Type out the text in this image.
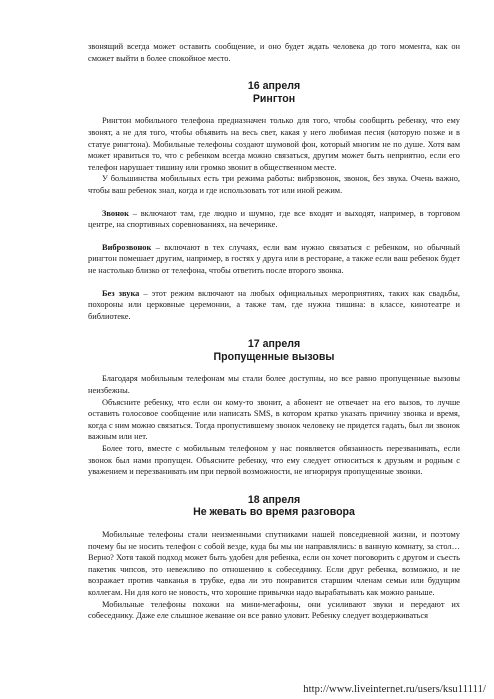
звонящий всегда может оставить сообщение, и оно будет ждать человека до того момента, как он сможет выйти в более спокойное место.

16 апреля

Рингтон

Рингтон мобильного телефона предназначен только для того, чтобы сообщить ребенку, что ему звонят, а не для того, чтобы объявить на весь свет, какая у него любимая песня (которую позже и в статуе рингтона). Мобильные телефоны создают шумовой фон, который многим не по душе. Хотя вам может нравиться то, что с ребенком всегда можно связаться, другим может быть неприятно, если его телефон нарушает тишину или громко звонит в общественном месте.

У большинства мобильных есть три режима работы: вибрзвонок, звонок, без звука. Очень важно, чтобы ваш ребенок знал, когда и где использовать тот или иной режим.

Звонок – включают там, где людно и шумно, где все входят и выходят, например, в торговом центре, на спортивных соревнованиях, на вечеринке.

Виброзвонок – включают в тех случаях, если вам нужно связаться с ребенком, но обычный рингтон помешает другим, например, в гостях у друга или в ресторане, а также если ваш ребенок будет не настолько близко от телефона, чтобы ответить после второго звонка.

Без звука – этот режим включают на любых официальных мероприятиях, таких как свадьбы, похороны или церковные церемонии, а также там, где нужна тишина: в классе, кинотеатре и библиотеке.

17 апреля

Пропущенные вызовы

Благодаря мобильным телефонам мы стали более доступны, но все равно пропущенные вызовы неизбежны.

Объясните ребенку, что если он кому-то звонит, а абонент не отвечает на его вызов, то лучше оставить голосовое сообщение или написать SMS, в котором кратко указать причину звонка и время, когда с ним можно связаться. Тогда пропустившему звонок человеку не придется гадать, был ли звонок важным или нет.

Более того, вместе с мобильным телефоном у нас появляется обязанность перезванивать, если звонок был нами пропущен. Объясните ребенку, что ему следует относиться к друзьям и родным с уважением и перезванивать им при первой возможности, не игнорируя пропущенные звонки.

18 апреля

Не жевать во время разговора

Мобильные телефоны стали неизменными спутниками нашей повседневной жизни, и поэтому почему бы не носить телефон с собой везде, куда бы мы ни направлялись: в ванную комнату, за стол… Верно? Хотя такой подход может быть удобен для ребенка, если он хочет поговорить с другом и съесть пакетик чипсов, это невежливо по отношению к собеседнику. Если друг ребенка, возможно, и не возражает против чавканья в трубке, едва ли это понравится старшим членам семьи или будущим коллегам. Ни для кого не новость, что хорошие привычки надо вырабатывать как можно раньше.

Мобильные телефоны похожи на мини-мегафоны, они усиливают звуки и передают их собеседнику. Даже еле слышное жевание он все равно уловит. Ребенку следует воздерживаться

http://www.liveinternet.ru/users/ksu11111/
